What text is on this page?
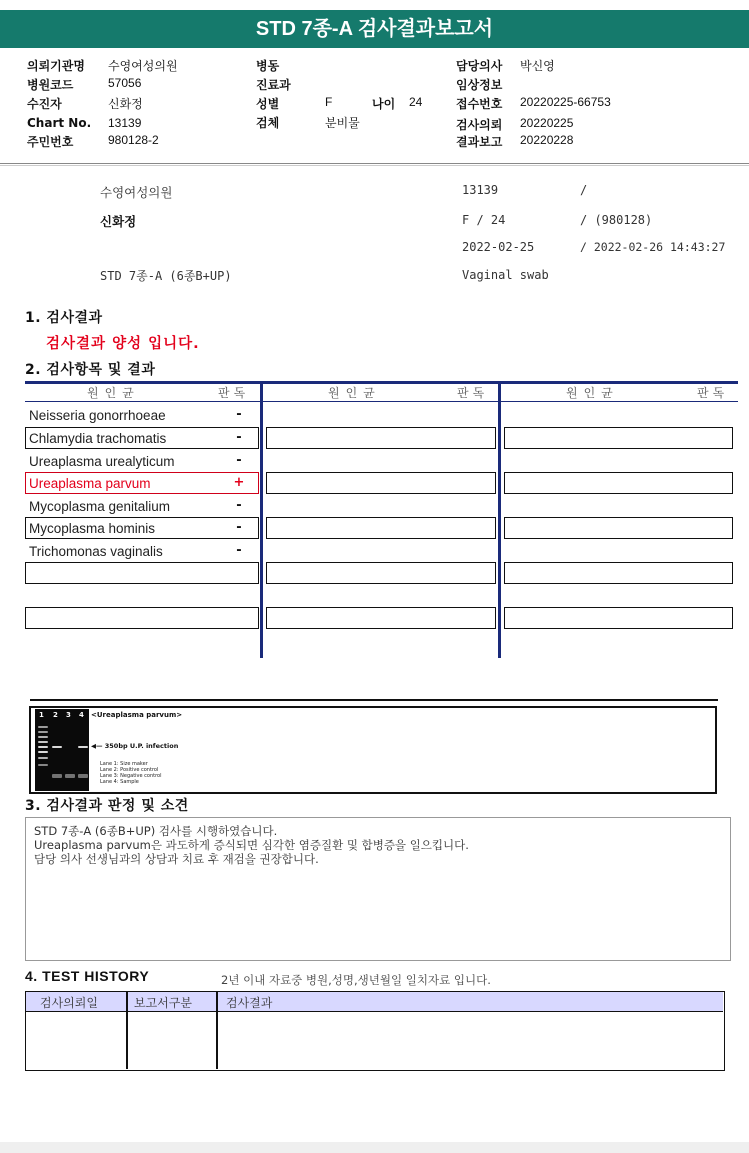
STD 7종-A 검사결과보고서
의뢰기관명 수영여성의원
병원코드	57056
수진자	신화정
Chart No. 13139
주민번호	980128-2
병동
진료과
성별	F	나이 24
검체	분비물
담당의사 박신영
임상정보
접수번호 20220225-66753
검사의뢰 20220225
결과보고 20220228
수영여성의원
신화정
STD 7종-A (6종B+UP)
13139	/
F / 24	/ (980128)
2022-02-25	/ 2022-02-26 14:43:27
Vaginal swab
1. 검사결과
검사결과 양성 입니다.
2. 검사항목 및 결과
원인균	판독	원인균	판독	원인균	판독
Neisseria gonorrhoeae	-
Chlamydia trachomatis	-
Ureaplasma urealyticum	-
Ureaplasma parvum	+
Mycoplasma genitalium	-
Mycoplasma hominis	-
Trichomonas vaginalis	-
1 2 3 4 <Ureaplasma parvum>
◀— 350bp U.P. infection
Lane 1: Size maker
Lane 2: Positive control
Lane 3: Negative control
Lane 4: Sample
3. 검사결과 판정 및 소견
STD 7종-A (6종B+UP) 검사를 시행하였습니다.
Ureaplasma parvum은 과도하게 증식되면 심각한 염증질환 및 합병증을 일으킵니다.
담당 의사 선생님과의 상담과 치료 후 재검을 권장합니다.
4. TEST HISTORY	2년 이내 자료중 병원,성명,생년월일 일치자료 입니다.
검사의뢰일	보고서구분	검사결과
